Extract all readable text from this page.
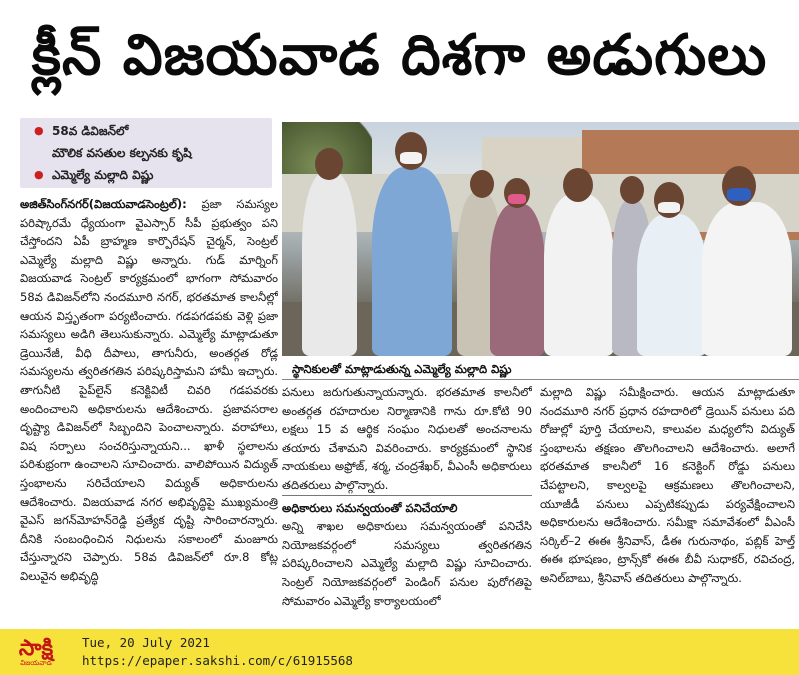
క్లీన్ విజయవాడ దిశగా అడుగులు
● 58వ డివిజన్‌లో
మౌలిక వసతుల కల్పనకు కృషి
● ఎమ్మెల్యే మల్లాది విష్ణు
స్థానికులతో మాట్లాడుతున్న ఎమ్మెల్యే మల్లాది విష్ణు

అజిత్‌సింగ్‌నగర్(విజయవాడసెంట్రల్): ప్రజా సమస్యల పరిష్కారమే ధ్యేయంగా వైఎస్సార్ సీపీ ప్రభుత్వం పని చేస్తోందని ఏపీ బ్రాహ్మణ కార్పొరేషన్ చైర్మన్, సెంట్రల్ ఎమ్మెల్యే మల్లాది విష్ణు అన్నారు. గుడ్ మార్నింగ్ విజయవాడ సెంట్రల్ కార్యక్రమంలో భాగంగా సోమవారం 58వ డివిజన్‌లోని నందమూరి నగర్, భరతమాత కాలనీల్లో ఆయన విస్తృతంగా పర్యటించారు. గడపగడపకు వెళ్లి ప్రజా సమస్యలు అడిగి తెలుసుకున్నారు. ఎమ్మెల్యే మాట్లాడుతూ డ్రెయినేజీ, వీధి దీపాలు, తాగునీరు, అంతర్గత రోడ్ల సమస్యలను త్వరితగతిన పరిష్కరిస్తామని హామీ ఇచ్చారు. తాగునీటి పైప్‌లైన్ కనెక్టివిటీ చివరి గడపవరకు అందించాలని అధికారులను ఆదేశించారు. ప్రజావసరాల దృష్ట్యా డివిజన్‌లో సిబ్బందిని పెంచాలన్నారు. వరాహాలు, విష సర్పాలు సంచరిస్తున్నాయని... ఖాళీ స్థలాలను పరిశుభ్రంగా ఉంచాలని సూచించారు. వాలిపోయిన విద్యుత్ స్తంభాలను సరిచేయాలని విద్యుత్ అధికారులను ఆదేశించారు. విజయవాడ నగర అభివృద్ధిపై ముఖ్యమంత్రి వైఎస్ జగన్‌మోహన్‌రెడ్డి ప్రత్యేక దృష్టి సారించారన్నారు. దీనికి సంబంధించిన నిధులను సకాలంలో మంజూరు చేస్తున్నారని చెప్పారు. 58వ డివిజన్‌లో రూ.8 కోట్ల విలువైన అభివృద్ధి

పనులు జరుగుతున్నాయన్నారు. భరతమాత కాలనీలో అంతర్గత రహదారుల నిర్మాణానికి గాను రూ.కోటి 90 లక్షలు 15 వ ఆర్థిక సంఘం నిధులతో అంచనాలను తయారు చేశామని వివరించారు. కార్యక్రమంలో స్థానిక నాయకులు అఫ్రోజ్, శర్మ, చంద్రశేఖర్, వీఎంసీ అధికారులు తదితరులు పాల్గొన్నారు.

అధికారులు సమన్వయంతో పనిచేయాలి

అన్ని శాఖల అధికారులు సమన్వయంతో పనిచేసి నియోజకవర్గంలో సమస్యలు త్వరితగతిన పరిష్కరించాలని ఎమ్మెల్యే మల్లాది విష్ణు సూచించారు. సెంట్రల్ నియోజకవర్గంలో పెండింగ్ పనుల పురోగతిపై సోమవారం ఎమ్మెల్యే కార్యాలయంలో

మల్లాది విష్ణు సమీక్షించారు. ఆయన మాట్లాడుతూ నందమూరి నగర్ ప్రధాన రహదారిలో డ్రెయిన్ పనులు పది రోజుల్లో పూర్తి చేయాలని, కాలువల మధ్యలోని విద్యుత్ స్తంభాలను తక్షణం తొలగించాలని ఆదేశించారు. అలాగే భరతమాత కాలనీలో 16 కనెక్టింగ్ రోడ్డు పనులు చేపట్టాలని, కాల్వలపై ఆక్రమణలు తొలగించాలని, యూజీడీ పనులు ఎప్పటికప్పుడు పర్యవేక్షించాలని అధికారులను ఆదేశించారు. సమీక్షా సమావేశంలో వీఎంసీ సర్కిల్–2 ఈఈ శ్రీనివాస్, డీఈ గురునాథం, పబ్లిక్ హెల్త్ ఈఈ భూషణం, ట్రాన్స్‌కో ఈఈ బీవీ సుధాకర్, రవిచంద్ర, అనిల్‌బాబు, శ్రీనివాస్ తదితరులు పాల్గొన్నారు.

సాక్షి
విజయవాడ
Tue, 20 July 2021
https://epaper.sakshi.com/c/61915568
